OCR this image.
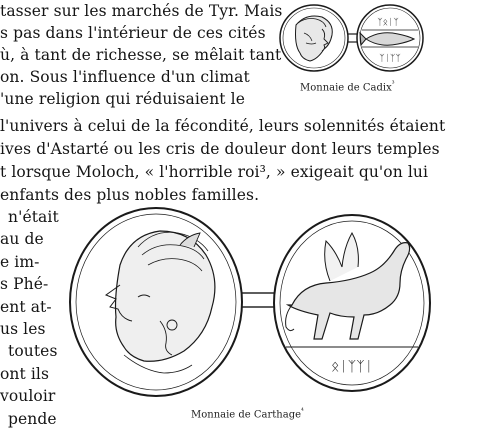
tasser sur les marchés de Tyr. Mais
s pas dans l'intérieur de ces cités
ù, à tant de richesse, se mêlait tant
on. Sous l'influence d'un climat
'une religion qui réduisaient le
l'univers à celui de la fécondité, leurs solennités étaient
ives d'Astarté ou les cris de douleur dont leurs temples
t lorsque Moloch, « l'horrible roi³, » exigeait qu'on lui
enfants des plus nobles familles.
n'était
au de
e im-
s Phé-
ent at-
us les
toutes
ont ils
vouloir
pende
ᛉᛟᛁᛉ
ᛉᛁᛉᛉ
Monnaie de Cadix$^{^3}$
ᛟᛁᛉᛉᛁ
Monnaie de Carthage$^{^4}$
